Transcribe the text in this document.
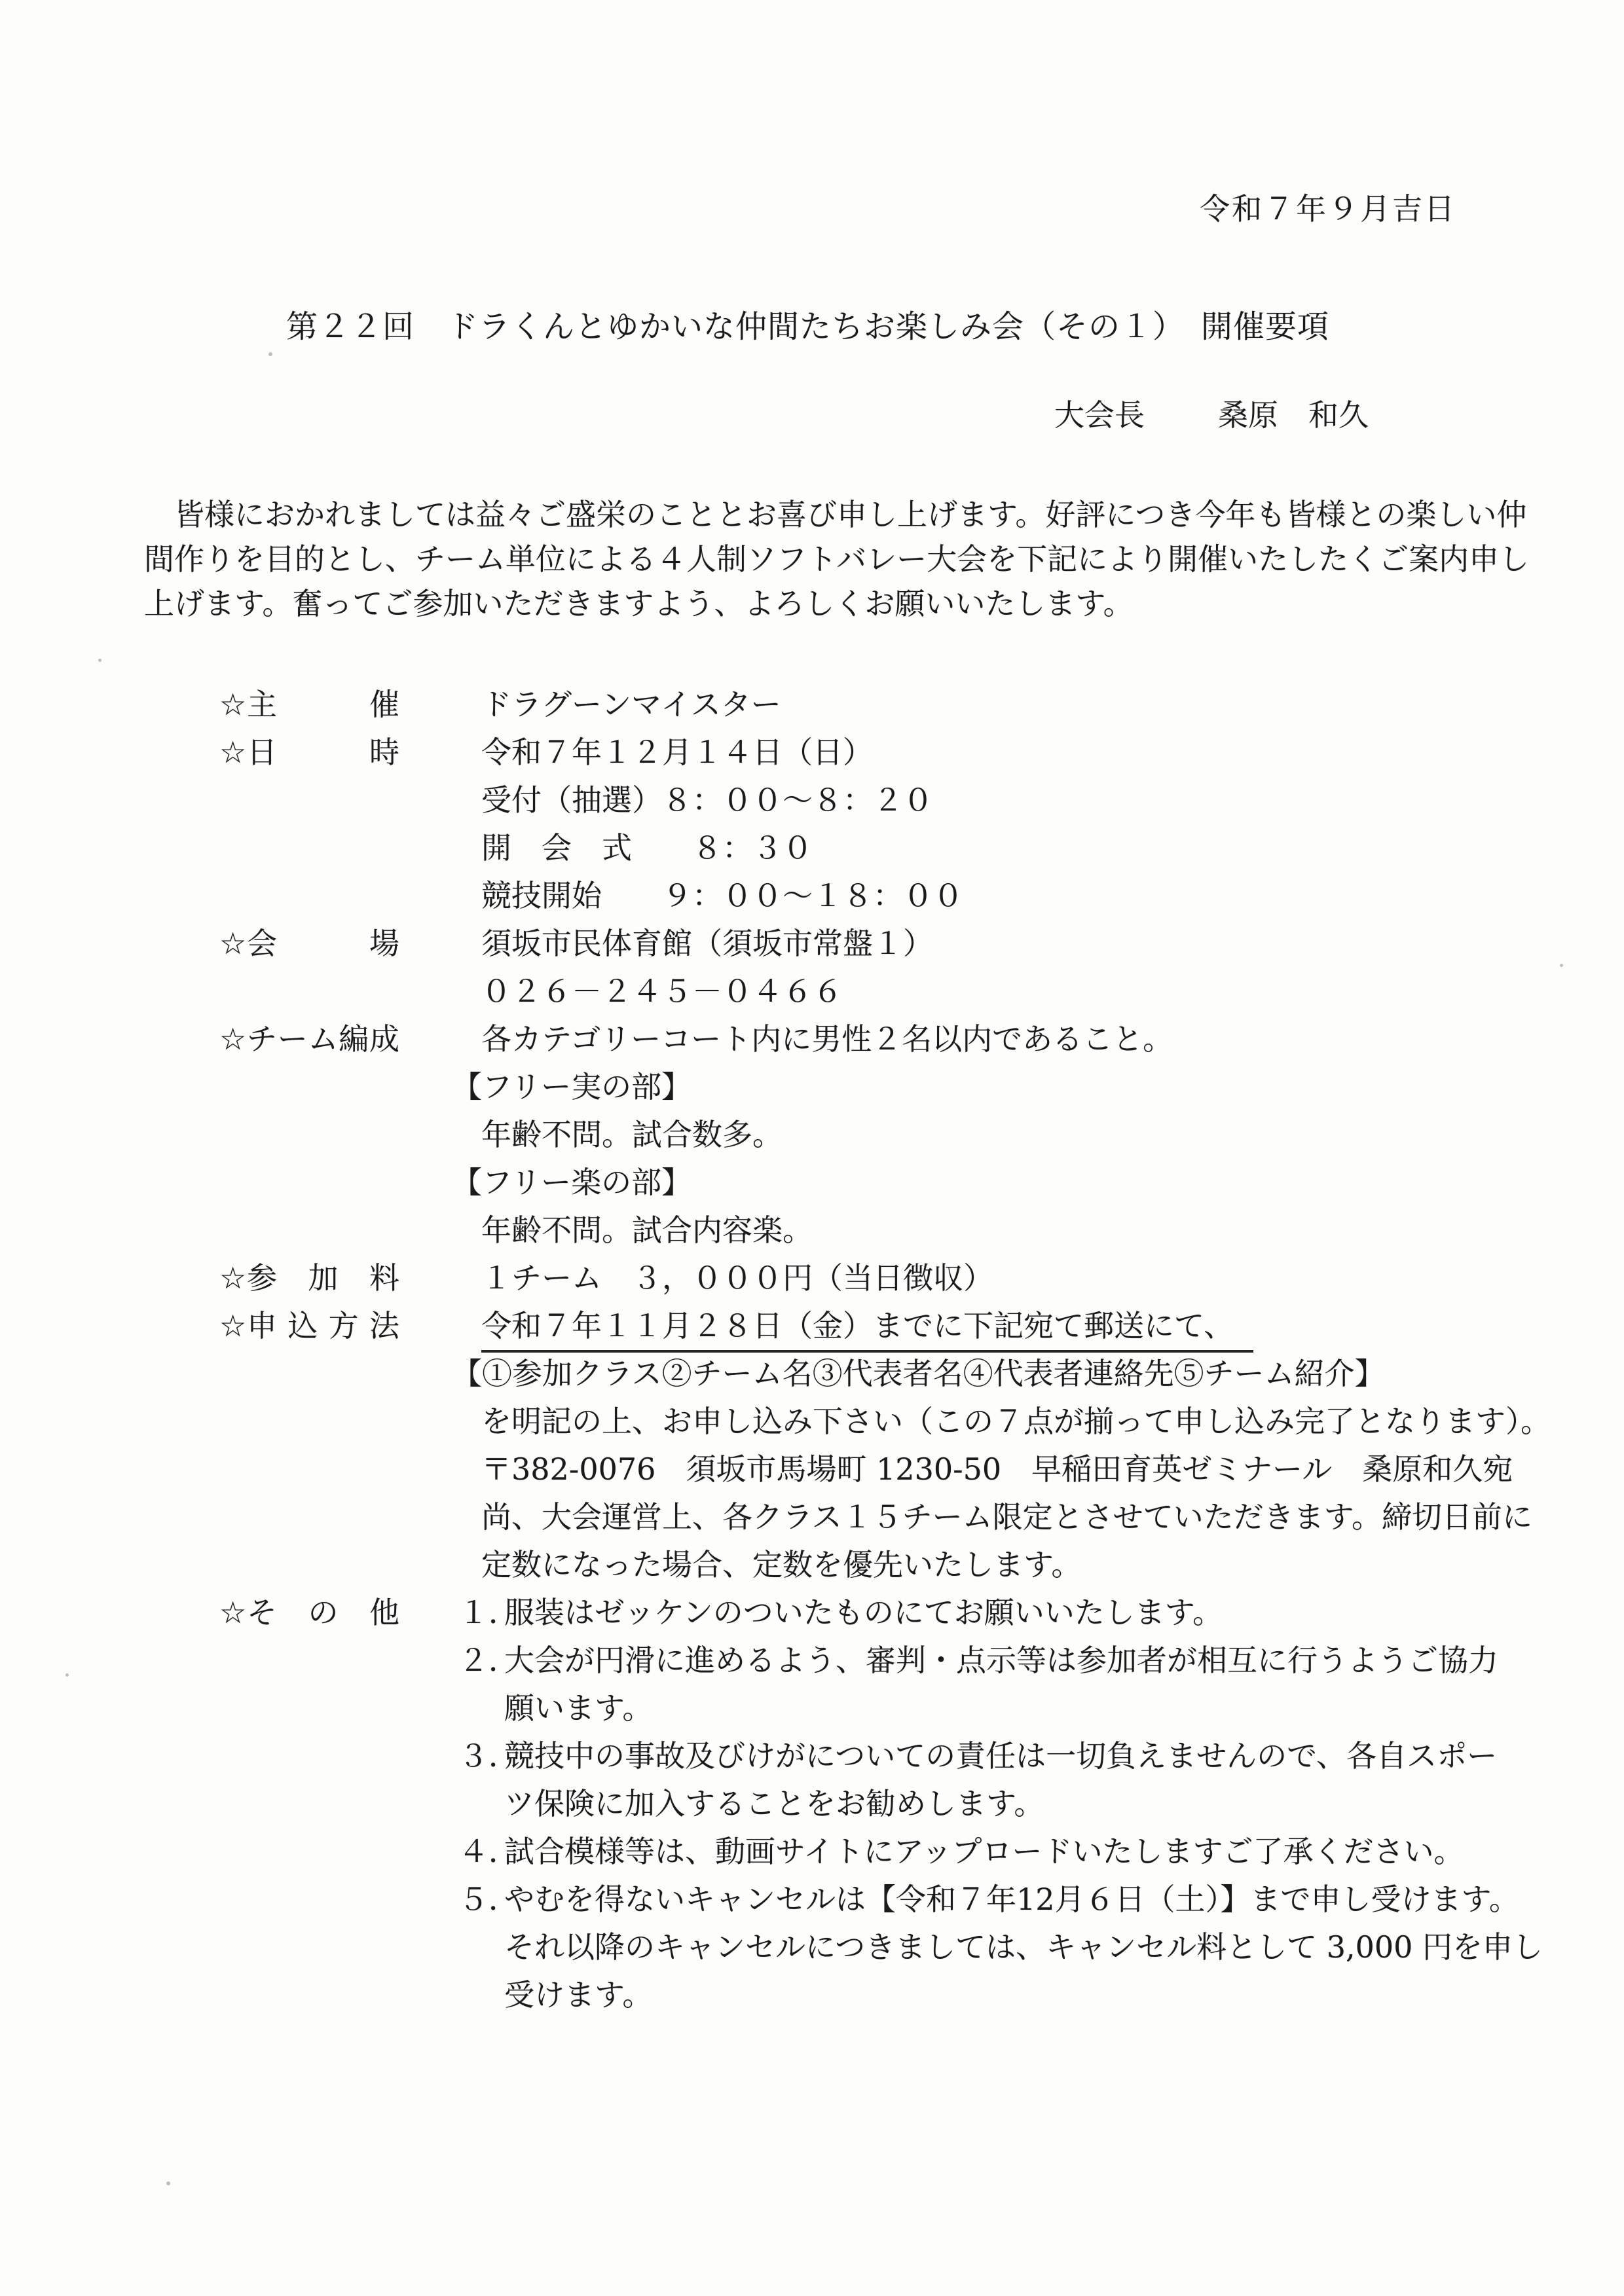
令和７年９月吉日
第２２回　ドラくんとゆかいな仲間たちお楽しみ会（その１）　開催要項
大会長 桑原　和久
　皆様におかれましては益々ご盛栄のこととお喜び申し上げます。好評につき今年も皆様との楽しい仲
間作りを目的とし、チーム単位による４人制ソフトバレー大会を下記により開催いたしたくご案内申し
上げます。奮ってご参加いただきますよう、よろしくお願いいたします。
☆ 主催	ドラグーンマイスター
☆ 日時	令和７年１２月１４日（日）
受付（抽選）８：００～８：２０
開　会　式　　８：３０
競技開始　　９：００～１８：００
☆ 会場	須坂市民体育館（須坂市常盤１）
０２６－２４５－０４６６
☆ チーム編成	各カテゴリーコート内に男性２名以内であること。
【フリー実の部】
年齢不問。試合数多。
【フリー楽の部】
年齢不問。試合内容楽。
☆ 参加料	１チーム　３，０００円（当日徴収）
☆ 申込方法	令和７年１１月２８日（金）までに下記宛て郵送にて、
【①参加クラス②チーム名③代表者名④代表者連絡先⑤チーム紹介】
を明記の上、お申し込み下さい（この７点が揃って申し込み完了となります）。
〒382-0076　須坂市馬場町 1230-50　早稲田育英ゼミナール　桑原和久宛
尚、大会運営上、各クラス１５チーム限定とさせていただきます。締切日前に
定数になった場合、定数を優先いたします。
☆ その他 １．
服装はゼッケンのついたものにてお願いいたします。
２．
大会が円滑に進めるよう、審判・点示等は参加者が相互に行うようご協力
願います。
３．
競技中の事故及びけがについての責任は一切負えませんので、各自スポー
ツ保険に加入することをお勧めします。
４．
試合模様等は、動画サイトにアップロードいたしますご了承ください。
５．
やむを得ないキャンセルは【令和７年12月６日（土）】まで申し受けます。
それ以降のキャンセルにつきましては、キャンセル料として 3,000 円を申し
受けます。
